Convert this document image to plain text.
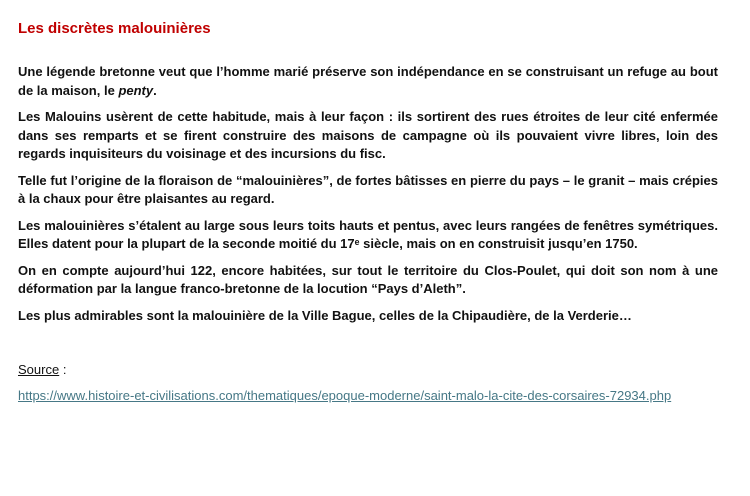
Les discrètes malouinières

Une légende bretonne veut que l’homme marié préserve son indépendance en se construisant un refuge au bout de la maison, le penty.

Les Malouins usèrent de cette habitude, mais à leur façon : ils sortirent des rues étroites de leur cité enfermée dans ses remparts et se firent construire des maisons de campagne où ils pouvaient vivre libres, loin des regards inquisiteurs du voisinage et des incursions du fisc.

Telle fut l’origine de la floraison de “malouinières”, de fortes bâtisses en pierre du pays – le granit – mais crépies à la chaux pour être plaisantes au regard.

Les malouinières s’étalent au large sous leurs toits hauts et pentus, avec leurs rangées de fenêtres symétriques. Elles datent pour la plupart de la seconde moitié du 17ᵉ siècle, mais on en construisit jusqu’en 1750.

On en compte aujourd’hui 122, encore habitées, sur tout le territoire du Clos-Poulet, qui doit son nom à une déformation par la langue franco-bretonne de la locution “Pays d’Aleth”.

Les plus admirables sont la malouinière de la Ville Bague, celles de la Chipaudière, de la Verderie…

Source :
https://www.histoire-et-civilisations.com/thematiques/epoque-moderne/saint-malo-la-cite-des-corsaires-72934.php
